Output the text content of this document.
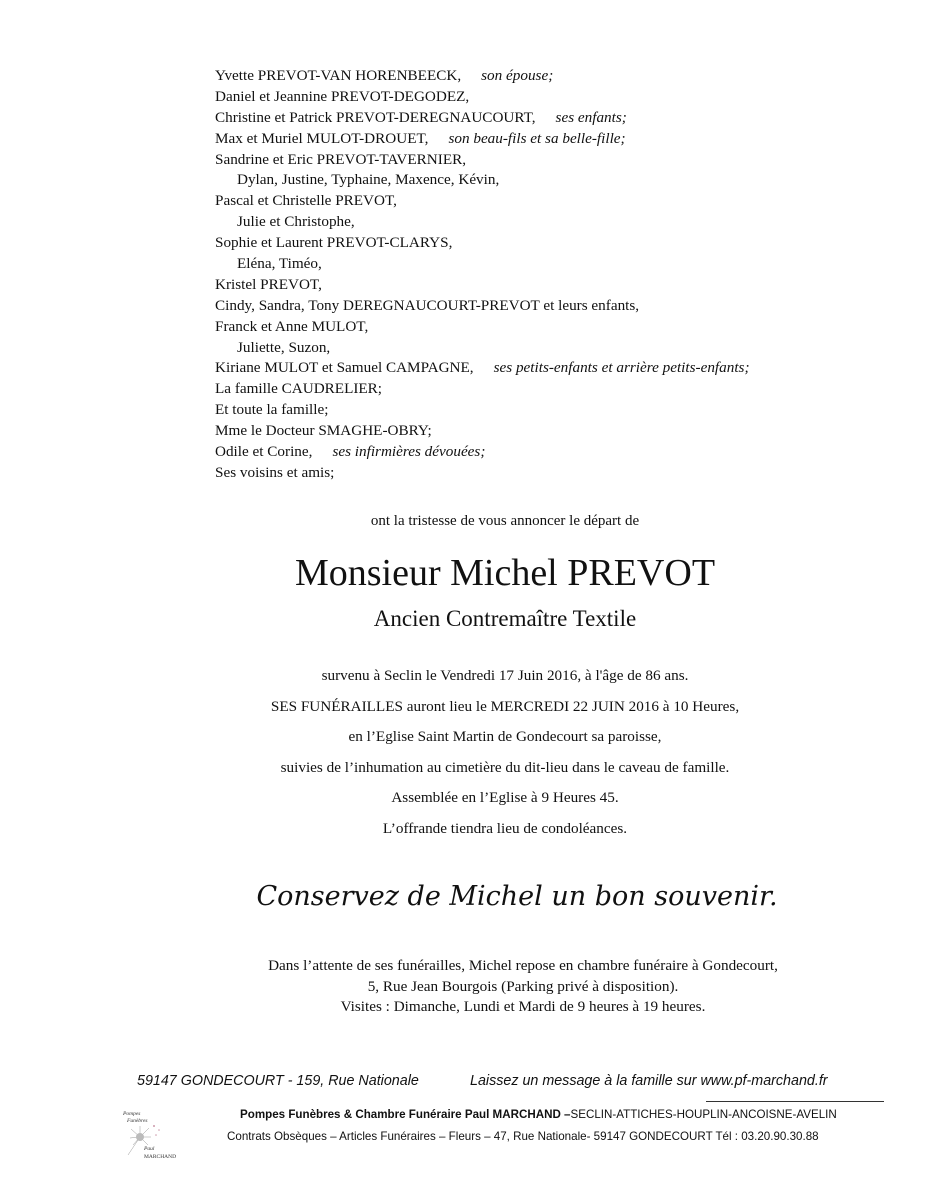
Yvette PREVOT-VAN HORENBEECK, son épouse;
Daniel et Jeannine PREVOT-DEGODEZ,
Christine et Patrick PREVOT-DEREGNAUCOURT, ses enfants;
Max et Muriel MULOT-DROUET, son beau-fils et sa belle-fille;
Sandrine et Eric PREVOT-TAVERNIER,
Dylan, Justine, Typhaine, Maxence, Kévin,
Pascal et Christelle PREVOT,
Julie et Christophe,
Sophie et Laurent PREVOT-CLARYS,
Eléna, Timéo,
Kristel PREVOT,
Cindy, Sandra, Tony DEREGNAUCOURT-PREVOT et leurs enfants,
Franck et Anne MULOT,
Juliette, Suzon,
Kiriane MULOT et Samuel CAMPAGNE, ses petits-enfants et arrière petits-enfants;
La famille CAUDRELIER;
Et toute la famille;
Mme le Docteur SMAGHE-OBRY;
Odile et Corine, ses infirmières dévouées;
Ses voisins et amis;
ont la tristesse de vous annoncer le départ de
Monsieur Michel PREVOT
Ancien Contremaître Textile
survenu à Seclin le Vendredi 17 Juin 2016, à l'âge de 86 ans.
SES FUNÉRAILLES auront lieu le MERCREDI 22 JUIN 2016 à 10 Heures,
en l’Eglise Saint Martin de Gondecourt sa paroisse,
suivies de l’inhumation au cimetière du dit-lieu dans le caveau de famille.
Assemblée en l’Eglise à 9 Heures 45.
L’offrande tiendra lieu de condoléances.
Conservez de Michel un bon souvenir.
Dans l’attente de ses funérailles, Michel repose en chambre funéraire à Gondecourt,
5, Rue Jean Bourgois (Parking privé à disposition).
Visites : Dimanche, Lundi et Mardi de 9 heures à 19 heures.
59147 GONDECOURT - 159, Rue Nationale	Laissez un message à la famille sur www.pf-marchand.fr
Pompes
Funèbres
Paul
MARCHAND
Pompes Funèbres & Chambre Funéraire Paul MARCHAND –SECLIN-ATTICHES-HOUPLIN-ANCOISNE-AVELIN
Contrats Obsèques – Articles Funéraires – Fleurs – 47, Rue Nationale- 59147 GONDECOURT Tél : 03.20.90.30.88
